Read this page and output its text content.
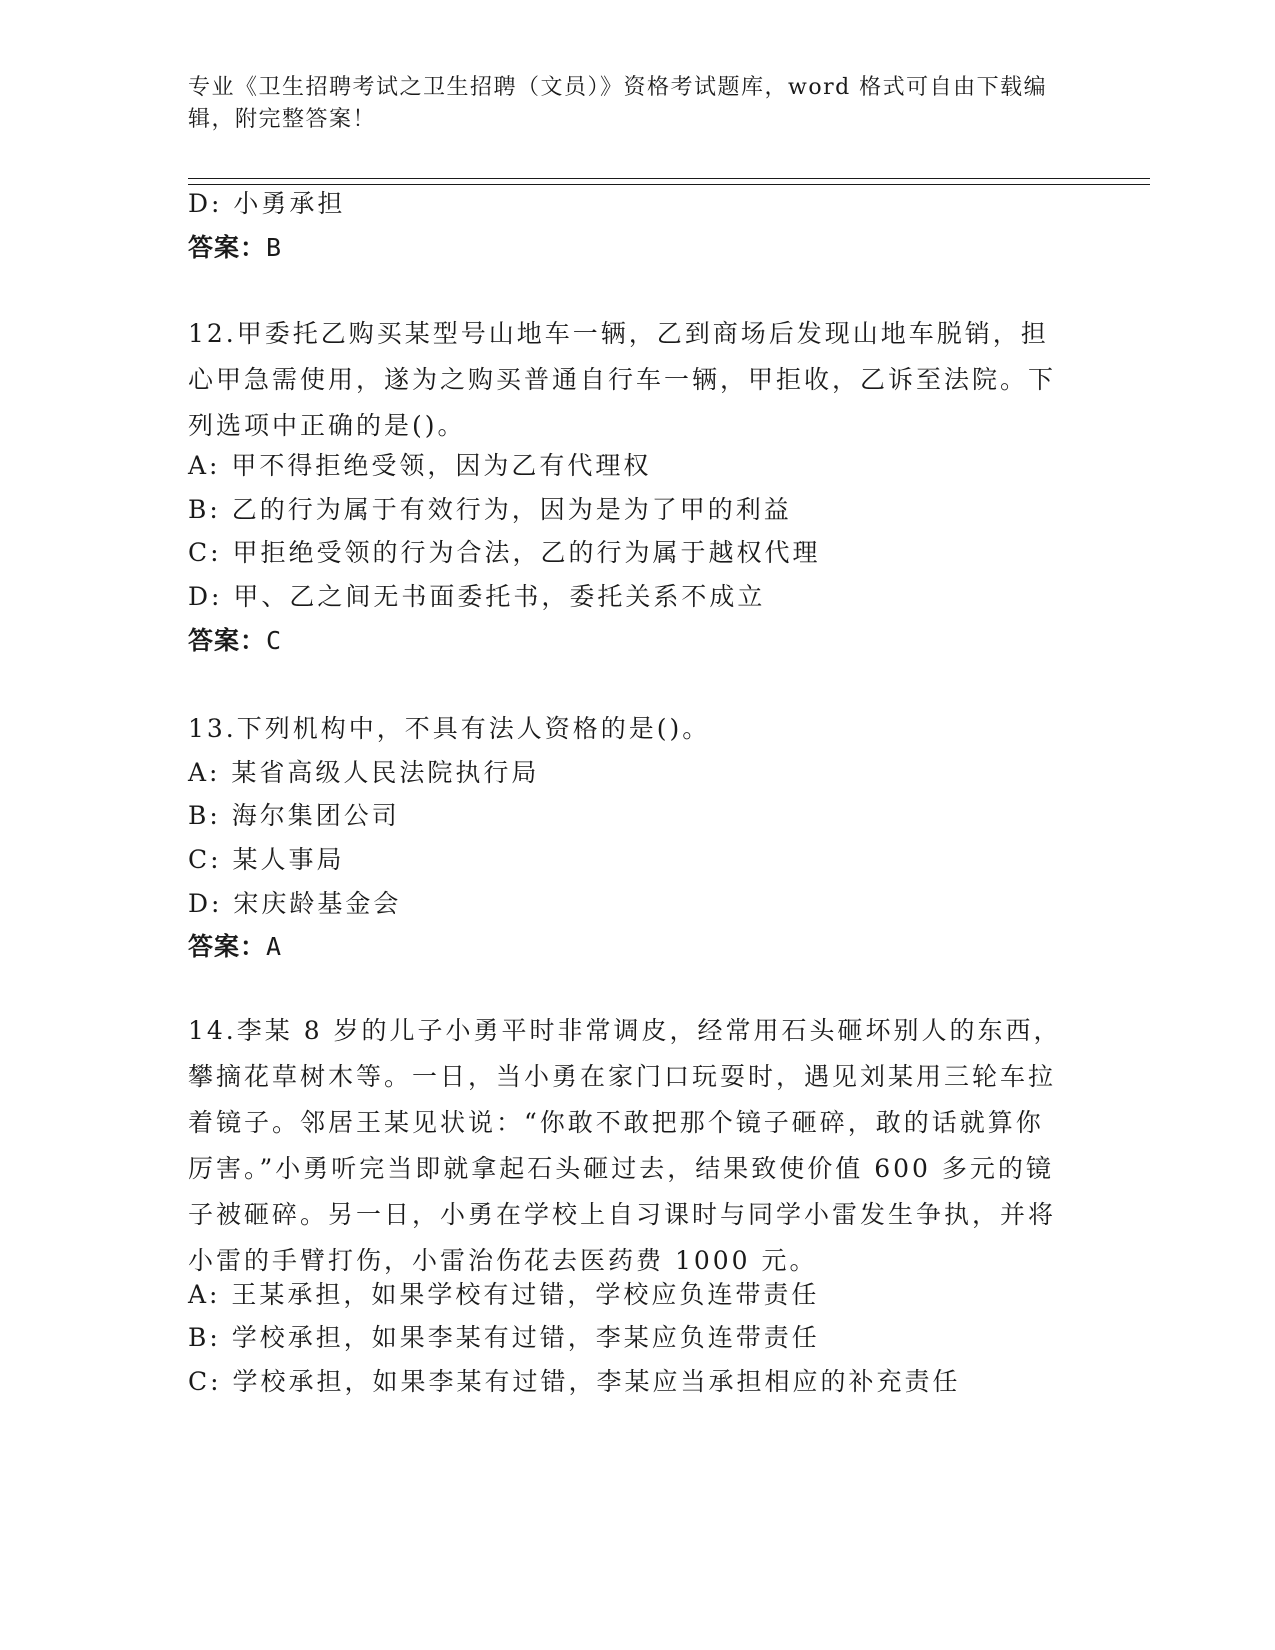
专业《卫生招聘考试之卫生招聘（文员）》资格考试题库，word 格式可自由下载编辑，附完整答案！
D: 小勇承担
答案：B
12.甲委托乙购买某型号山地车一辆，乙到商场后发现山地车脱销，担心甲急需使用，遂为之购买普通自行车一辆，甲拒收，乙诉至法院。下列选项中正确的是()。
A: 甲不得拒绝受领，因为乙有代理权
B: 乙的行为属于有效行为，因为是为了甲的利益
C: 甲拒绝受领的行为合法，乙的行为属于越权代理
D: 甲、乙之间无书面委托书，委托关系不成立
答案：C
13.下列机构中，不具有法人资格的是()。
A: 某省高级人民法院执行局
B: 海尔集团公司
C: 某人事局
D: 宋庆龄基金会
答案：A
14.李某 8 岁的儿子小勇平时非常调皮，经常用石头砸坏别人的东西，攀摘花草树木等。一日，当小勇在家门口玩耍时，遇见刘某用三轮车拉着镜子。邻居王某见状说：“你敢不敢把那个镜子砸碎，敢的话就算你厉害。”小勇听完当即就拿起石头砸过去，结果致使价值 600 多元的镜子被砸碎。另一日，小勇在学校上自习课时与同学小雷发生争执，并将小雷的手臂打伤，小雷治伤花去医药费 1000 元。
A: 王某承担，如果学校有过错，学校应负连带责任
B: 学校承担，如果李某有过错，李某应负连带责任
C: 学校承担，如果李某有过错，李某应当承担相应的补充责任
